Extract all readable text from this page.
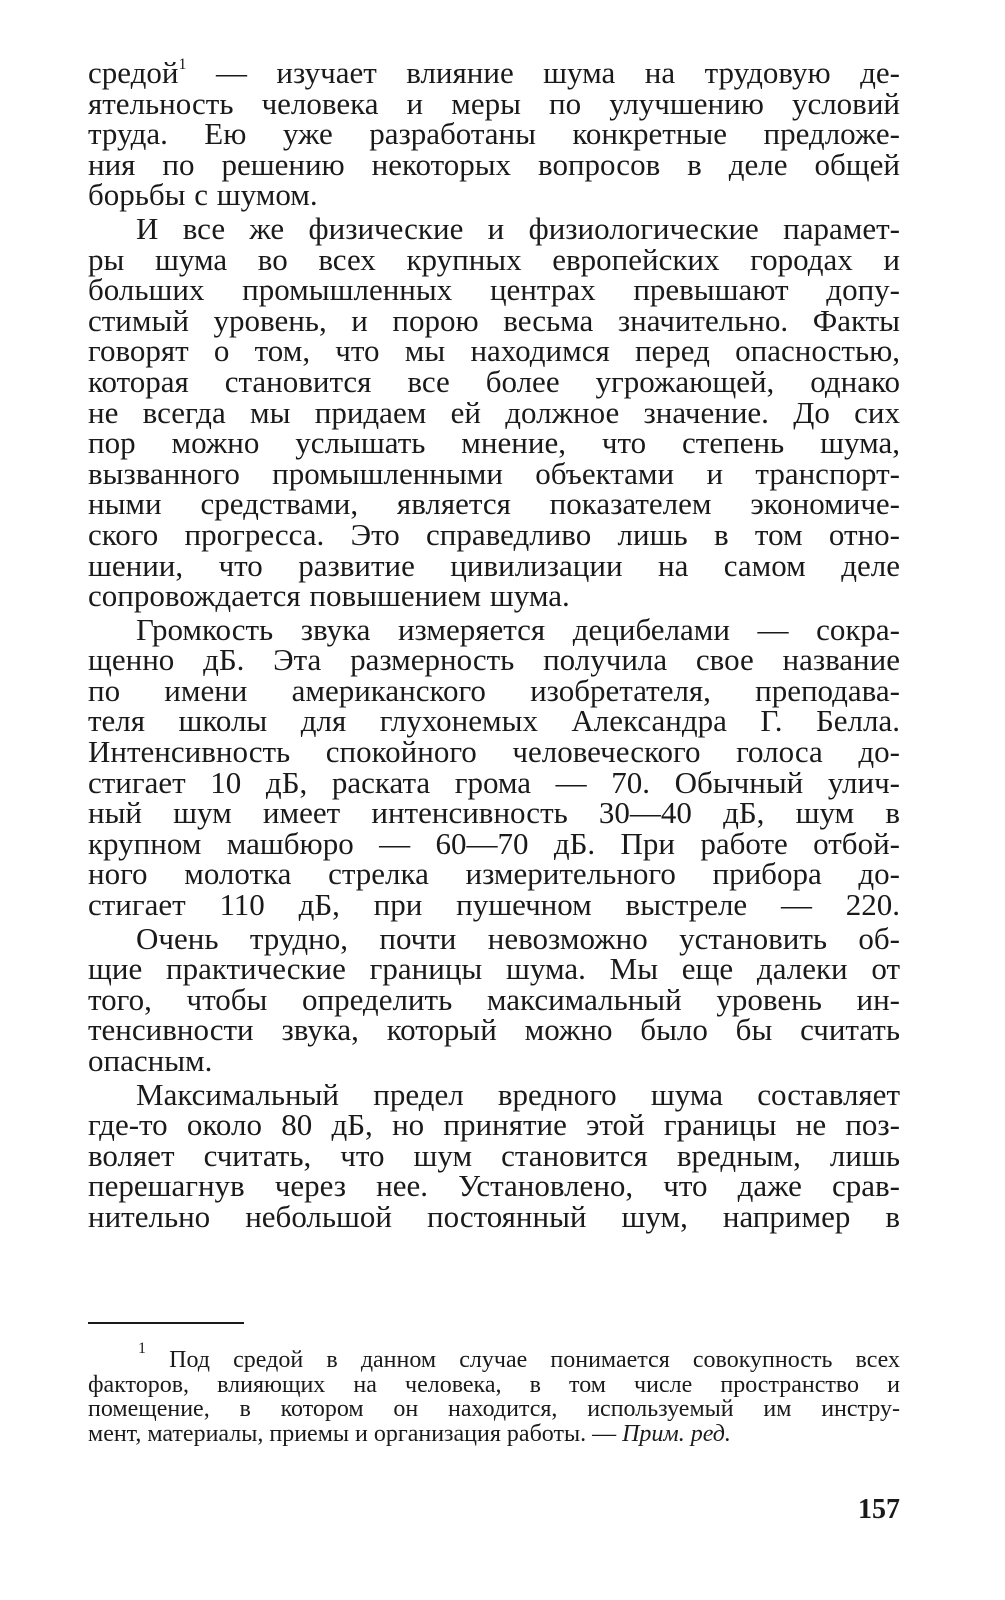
средой$^1$ — изучает влияние шума на трудовую де-
ятельность человека и меры по улучшению условий
труда. Ею уже разработаны конкретные предложе-
ния по решению некоторых вопросов в деле общей
борьбы с шумом.
И все же физические и физиологические парамет-
ры шума во всех крупных европейских городах и
больших промышленных центрах превышают допу-
стимый уровень, и порою весьма значительно. Факты
говорят о том, что мы находимся перед опасностью,
которая становится все более угрожающей, однако
не всегда мы придаем ей должное значение. До сих
пор можно услышать мнение, что степень шума,
вызванного промышленными объектами и транспорт-
ными средствами, является показателем экономиче-
ского прогресса. Это справедливо лишь в том отно-
шении, что развитие цивилизации на самом деле
сопровождается повышением шума.
Громкость звука измеряется децибелами — сокра-
щенно дБ. Эта размерность получила свое название
по имени американского изобретателя, преподава-
теля школы для глухонемых Александра Г. Белла.
Интенсивность спокойного человеческого голоса до-
стигает 10 дБ, раската грома — 70. Обычный улич-
ный шум имеет интенсивность 30—40 дБ, шум в
крупном машбюро — 60—70 дБ. При работе отбой-
ного молотка стрелка измерительного прибора до-
стигает 110 дБ, при пушечном выстреле — 220.
Очень трудно, почти невозможно установить об-
щие практические границы шума. Мы еще далеки от
того, чтобы определить максимальный уровень ин-
тенсивности звука, который можно было бы считать
опасным.
Максимальный предел вредного шума составляет
где-то около 80 дБ, но принятие этой границы не поз-
воляет считать, что шум становится вредным, лишь
перешагнув через нее. Установлено, что даже срав-
нительно небольшой постоянный шум, например в
$^1$ Под средой в данном случае понимается совокупность всех
факторов, влияющих на человека, в том числе пространство и
помещение, в котором он находится, используемый им инстру-
мент, материалы, приемы и организация работы. — Прим. ред.
157
